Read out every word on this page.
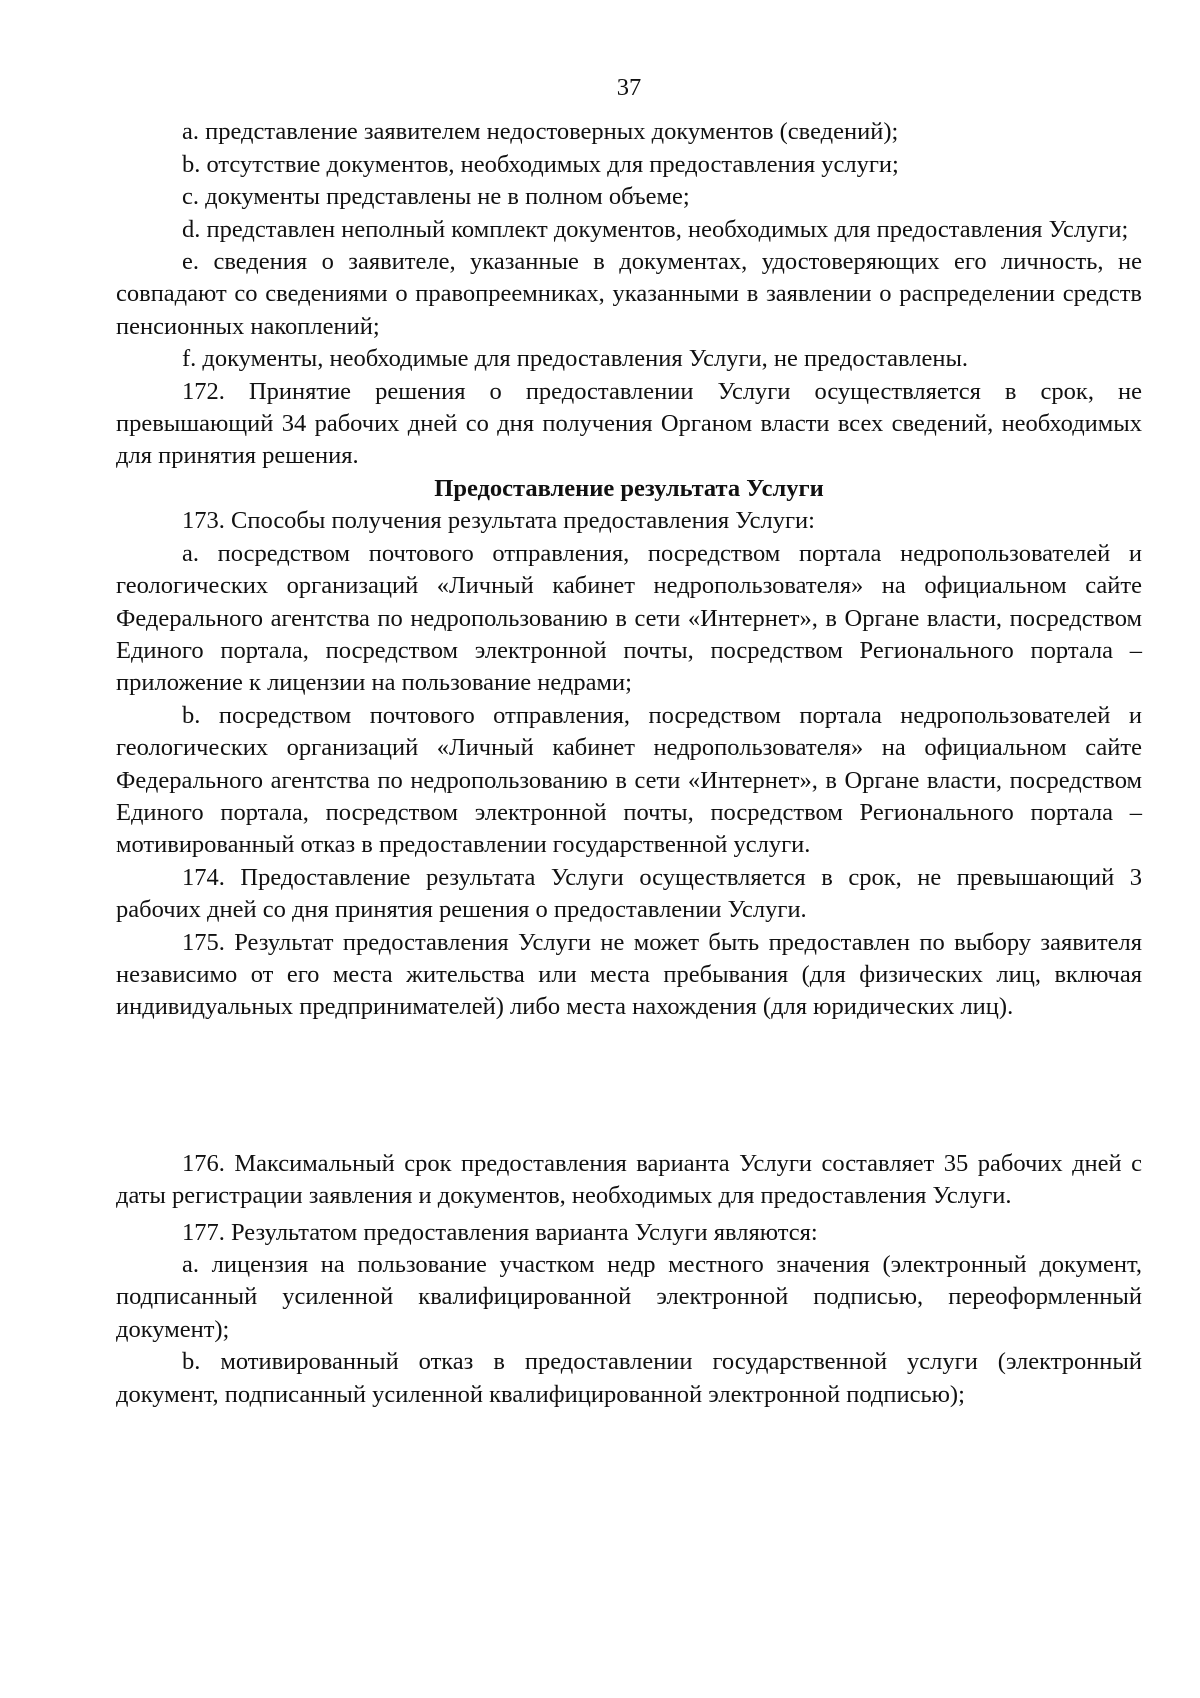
37

a. представление заявителем недостоверных документов (сведений);

b. отсутствие документов, необходимых для предоставления услуги;

c. документы представлены не в полном объеме;

d. представлен неполный комплект документов, необходимых для предоставления Услуги;

e. сведения о заявителе, указанные в документах, удостоверяющих его личность, не совпадают со сведениями о правопреемниках, указанными в заявлении о распределении средств пенсионных накоплений;

f. документы, необходимые для предоставления Услуги, не предоставлены.

172. Принятие решения о предоставлении Услуги осуществляется в срок, не превышающий 34 рабочих дней со дня получения Органом власти всех сведений, необходимых для принятия решения.

Предоставление результата Услуги

173. Способы получения результата предоставления Услуги:

a. посредством почтового отправления, посредством портала недропользователей и геологических организаций «Личный кабинет недропользователя» на официальном сайте Федерального агентства по недропользованию в сети «Интернет», в Органе власти, посредством Единого портала, посредством электронной почты, посредством Регионального портала – приложение к лицензии на пользование недрами;

b. посредством почтового отправления, посредством портала недропользователей и геологических организаций «Личный кабинет недропользователя» на официальном сайте Федерального агентства по недропользованию в сети «Интернет», в Органе власти, посредством Единого портала, посредством электронной почты, посредством Регионального портала – мотивированный отказ в предоставлении государственной услуги.

174. Предоставление результата Услуги осуществляется в срок, не превышающий 3 рабочих дней со дня принятия решения о предоставлении Услуги.

175. Результат предоставления Услуги не может быть предоставлен по выбору заявителя независимо от его места жительства или места пребывания (для физических лиц, включая индивидуальных предпринимателей) либо места нахождения (для юридических лиц).

176. Максимальный срок предоставления варианта Услуги составляет 35 рабочих дней с даты регистрации заявления и документов, необходимых для предоставления Услуги.

177. Результатом предоставления варианта Услуги являются:

a. лицензия на пользование участком недр местного значения (электронный документ, подписанный усиленной квалифицированной электронной подписью, переоформленный документ);

b. мотивированный отказ в предоставлении государственной услуги (электронный документ, подписанный усиленной квалифицированной электронной подписью);
